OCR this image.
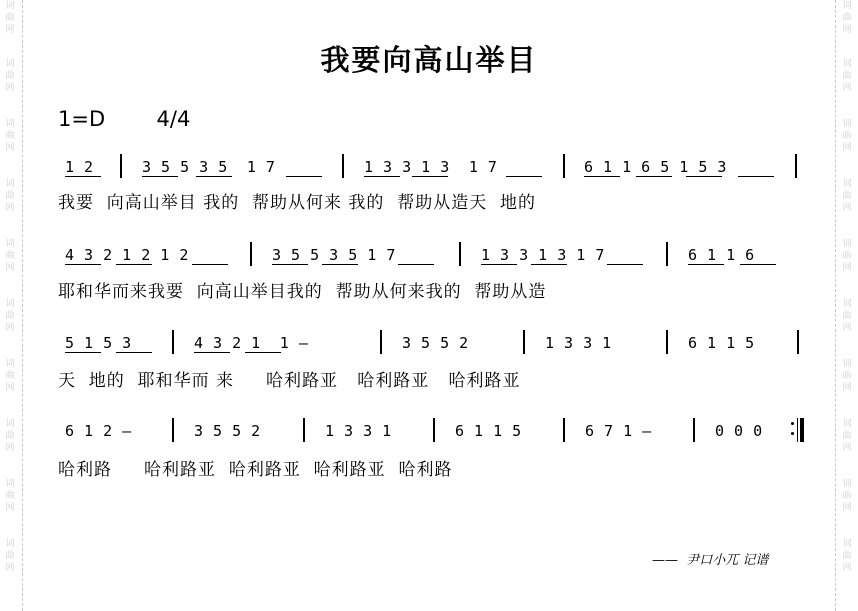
词曲网
词曲网
词曲网
词曲网
词曲网
词曲网
词曲网
词曲网
词曲网
词曲网
词曲网
词曲网
词曲网
词曲网
词曲网
词曲网
词曲网
词曲网
词曲网
词曲网
我要向高山举目
1=D 4/4
1 2	3 5 5 3 5  1 7	1 3 3 1 3  1 7	6 1 1 6 5 1 5 3
我要  向高山举目 我的  帮助从何来 我的  帮助从造天  地的
4 3 2 1 2 1 2	3 5 5 3 5 1 7	1 3 3 1 3 1 7	6 1 1 6
耶和华而来我要  向高山举目我的  帮助从何来我的  帮助从造
5 1 5 3	4 3 2 1  1 –	3 5 5 2	1 3 3 1	6 1 1 5
天  地的  耶和华而 来     哈利路亚   哈利路亚   哈利路亚
6 1 2 –	3 5 5 2	1 3 3 1	6 1 1 5	6 7 1 –	0 0 0
哈利路     哈利路亚  哈利路亚  哈利路亚  哈利路
—— 尹口小兀 记谱
